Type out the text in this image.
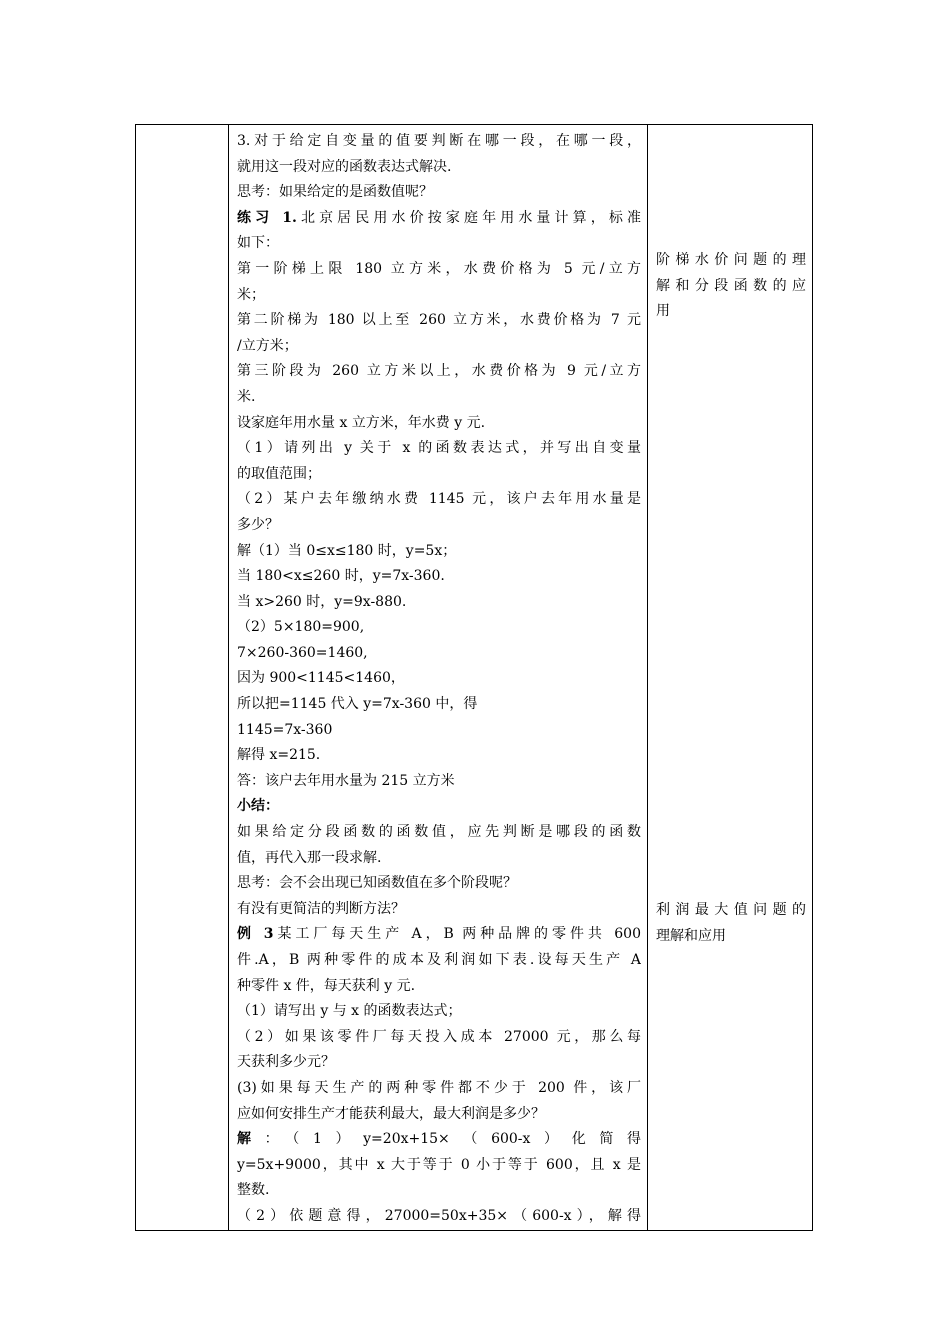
3.对于给定自变量的值要判断在哪一段，在哪一段，
就用这一段对应的函数表达式解决.
思考：如果给定的是函数值呢？
练习 1.北京居民用水价按家庭年用水量计算，标准
如下：
第一阶梯上限 180 立方米，水费价格为 5 元/立方
米；
第二阶梯为 180 以上至 260 立方米，水费价格为 7 元
/立方米；
第三阶段为 260 立方米以上，水费价格为 9 元/立方
米.
设家庭年用水量 x 立方米，年水费 y 元.
（1）请列出 y 关于 x 的函数表达式，并写出自变量
的取值范围；
（2）某户去年缴纳水费 1145 元，该户去年用水量是
多少？
解（1）当 0≤x≤180 时，y=5x；
当 180<x≤260 时，y=7x-360.
当 x>260 时，y=9x-880.
（2）5×180=900,
7×260-360=1460,
因为 900<1145<1460，
所以把=1145 代入 y=7x-360 中，得
1145=7x-360
解得 x=215.
答：该户去年用水量为 215 立方米
小结：
如果给定分段函数的函数值，应先判断是哪段的函数
值，再代入那一段求解.
思考：会不会出现已知函数值在多个阶段呢？
有没有更简洁的判断方法？
例 3某工厂每天生产 A，B 两种品牌的零件共 600
件.A，B 两种零件的成本及利润如下表.设每天生产 A
种零件 x 件，每天获利 y 元.
（1）请写出 y 与 x 的函数表达式；
（2）如果该零件厂每天投入成本 27000 元，那么每
天获利多少元？
(3)如果每天生产的两种零件都不少于 200 件，该厂
应如何安排生产才能获利最大，最大利润是多少？
解：（1）y=20x+15×（600-x）化简得
y=5x+9000，其中 x 大于等于 0 小于等于 600，且 x 是
整数.
（2）依题意得，27000=50x+35×（600-x），解得

阶梯水价问题的理
解和分段函数的应
用
利润最大值问题的
理解和应用
